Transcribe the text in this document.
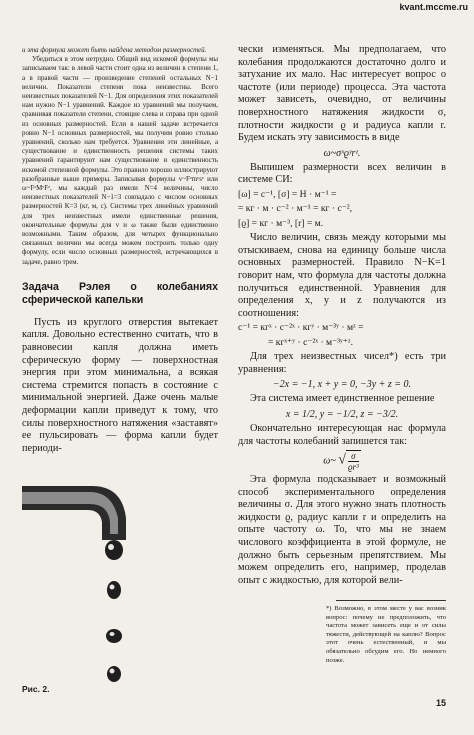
kvant.mccme.ru

и эта формула может быть найдена методом размерностей.

Убедиться в этом нетрудно. Общий вид искомой формулы мы записываем так: в левой части стоит одна из величин в степени 1, а в правой части — произведение степеней остальных N−1 величин. Показатели степени пока неизвестны. Всего неизвестных показателей N−1. Для определения этих показателей нам нужно N−1 уравнений. Каждое из уравнений мы получаем, сравнивая показатели степени, стоящие слева и справа при одной из основных размерностей. Если в нашей задаче встречается ровно N−1 основных размерностей, мы получим ровно столько уравнений, сколько нам требуется. Уравнения эти линейные, а существование и единственность решения системы таких уравнений гарантируют нам существование и единственность искомой степенной формулы. Это правило хорошо иллюстрируют разобранные выше примеры. Записывая формулы v~Fˣmʸsᶻ или ω~FˣMʸFᶻ, мы каждый раз имели N=4 величины, число неизвестных показателей N−1=3 совпадало с числом основных размерностей K=3 (кг, м, с). Системы трех линейных уравнений для трех неизвестных имели единственные решения, окончательные формулы для v и ω также были единственно возможными. Таким образом, для четырех функционально связанных величин мы всегда можем построить только одну формулу, если число основных размерностей, встречающихся в задаче, равно трем.

Задача Рэлея о колебаниях сферической капельки

Пусть из круглого отверстия вытекает капля. Довольно естественно считать, что в равновесии капля должна иметь сферическую форму — поверхностная энергия при этом минимальна, а всякая система стремится попасть в состояние с минимальной энергией. Даже очень малые деформации капли приведут к тому, что силы поверхностного натяжения «заставят» ее пульсировать — форма капли будет периоди-

Рис. 2.

чески изменяться. Мы предполагаем, что колебания продолжаются достаточно долго и затухание их мало. Нас интересует вопрос о частоте (или периоде) процесса. Эта частота может зависеть, очевидно, от величины поверхностного натяжения жидкости σ, плотности жидкости ϱ и радиуса капли r. Будем искать эту зависимость в виде

ω~σˣϱʸrᶻ.

Выпишем размерности всех величин в системе СИ:

[ω] = с⁻¹, [σ] = Н · м⁻¹ =
= кг · м · с⁻² · м⁻¹ = кг · с⁻²,
[ϱ] = кг · м⁻³, [r] = м.

Число величин, связь между которыми мы отыскиваем, снова на единицу больше числа основных размерностей. Правило N−K=1 говорит нам, что формула для частоты должна получиться единственной. Уравнения для определения x, y и z получаются из соотношения:

с⁻¹ = кгˣ · с⁻²ˣ · кгʸ · м⁻³ʸ · мᶻ =
= кгˣ⁺ʸ · с⁻²ˣ · м⁻³ʸ⁺ᶻ.

Для трех неизвестных чисел*) есть три уравнения:

−2x = −1, x + y = 0, −3y + z = 0.

Эта система имеет единственное решение

x = 1/2, y = −1/2, z = −3/2.

Окончательно интересующая нас формула для частоты колебаний запишется так:

ω~ √ $\frac{\sigma}{\text{ϱr³}}$

Эта формула подсказывает и возможный способ экспериментального определения величины σ. Для этого нужно знать плотность жидкости ϱ, радиус капли r и определить на опыте частоту ω. То, что мы не знаем числового коэффициента в этой формуле, не должно быть серьезным препятствием. Мы можем определить его, например, проделав опыт с жидкостью, для которой вели-

*) Возможно, в этом месте у вас возник вопрос: почему не предположить, что частота может зависеть еще и от силы тяжести, действующей на каплю? Вопрос этот очень естественный, и мы обязательно обсудим его. Но немного позже.
15
